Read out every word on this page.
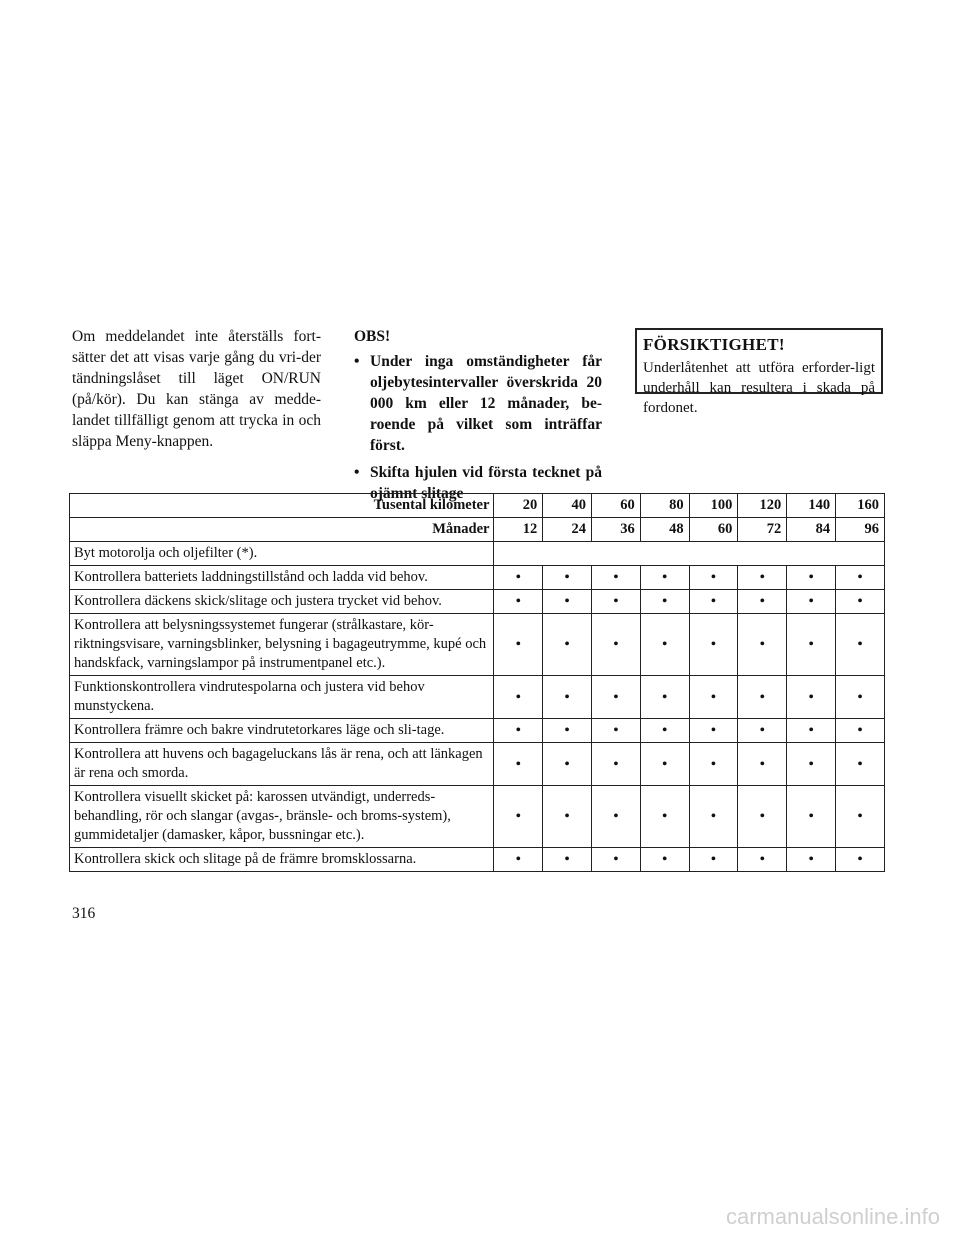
Om meddelandet inte återställs fort-sätter det att visas varje gång du vri-der tändningslåset till läget ON/RUN (på/kör). Du kan stänga av medde-landet tillfälligt genom att trycka in och släppa Meny-knappen.
OBS!
• Under inga omständigheter får oljebytesintervaller överskrida 20 000 km eller 12 månader, be-roende på vilket som inträffar först.
• Skifta hjulen vid första tecknet på ojämnt slitage
FÖRSIKTIGHET!
Underlåtenhet att utföra erforder-ligt underhåll kan resultera i skada på fordonet.
Tusental kilometer	20	40	60	80	100	120	140	160
Månader	12	24	36	48	60	72	84	96
Byt motorolja och oljefilter (*).								
Kontrollera batteriets laddningstillstånd och ladda vid behov.	•	•	•	•	•	•	•	•
Kontrollera däckens skick/slitage och justera trycket vid behov.	•	•	•	•	•	•	•	•
Kontrollera att belysningssystemet fungerar (strålkastare, kör-riktningsvisare, varningsblinker, belysning i bagageutrymme, kupé och handskfack, varningslampor på instrumentpanel etc.).	•	•	•	•	•	•	•	•
Funktionskontrollera vindrutespolarna och justera vid behov munstyckena.	•	•	•	•	•	•	•	•
Kontrollera främre och bakre vindrutetorkares läge och sli-tage.	•	•	•	•	•	•	•	•
Kontrollera att huvens och bagageluckans lås är rena, och att länkagen är rena och smorda.	•	•	•	•	•	•	•	•
Kontrollera visuellt skicket på: karossen utvändigt, underreds-behandling, rör och slangar (avgas-, bränsle- och broms-system), gummidetaljer (damasker, kåpor, bussningar etc.).	•	•	•	•	•	•	•	•
Kontrollera skick och slitage på de främre bromsklossarna.	•	•	•	•	•	•	•	•
316
carmanualsonline.info
